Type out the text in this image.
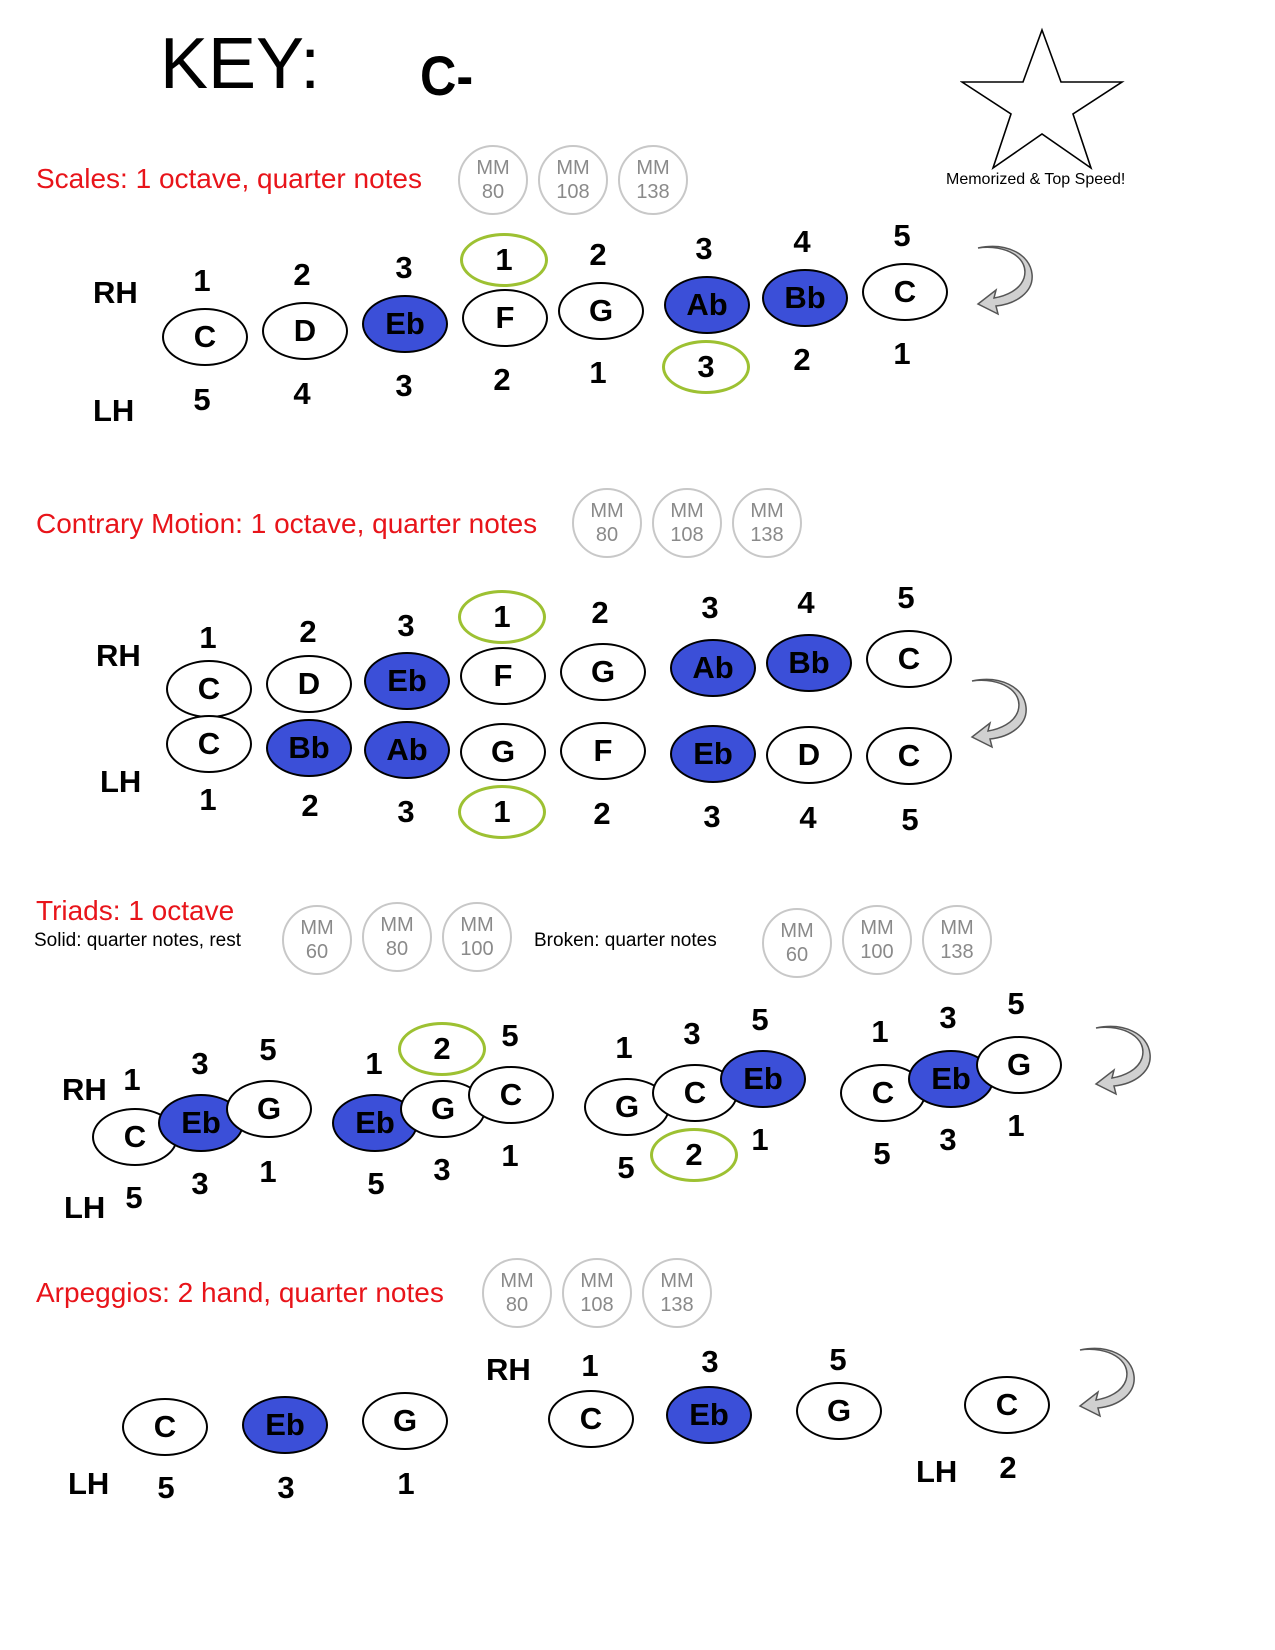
KEY: C-
Memorized & Top Speed!
Scales: 1 octave, quarter notes	MM
80
MM
108
MM
138
RH
LH
C	D	Eb	F	G	Ab	Bb	C
1	2	3	1	2	3	4	5
5	4	3	2	1	3	2	1
Contrary Motion: 1 octave, quarter notes	MM
80
MM
108
MM
138
RH
LH
1	2	3	1	2	3	4	5
C	D	Eb	F	G	Ab	Bb	C
C	Bb	Ab	G	F	Eb	D	C
1	2	3	1	2	3	4	5
Triads: 1 octave
Solid: quarter notes, rest
MM
60
MM
80
MM
100	Broken: quarter notes	MM
60
MM
100
MM
138
RH
LH
1	3	5
C	Eb	G
5	3	1
1	2	5
Eb	G	C
5	3	1
1	3	5
G	C	Eb
5	2	1
1	3	5
C	Eb	G
5	3	1
Arpeggios: 2 hand, quarter notes	MM
80
MM
108
MM
138
C	Eb	G
LH	5	3	1
RH	1	3	5
C	Eb	G	C
LH	2
